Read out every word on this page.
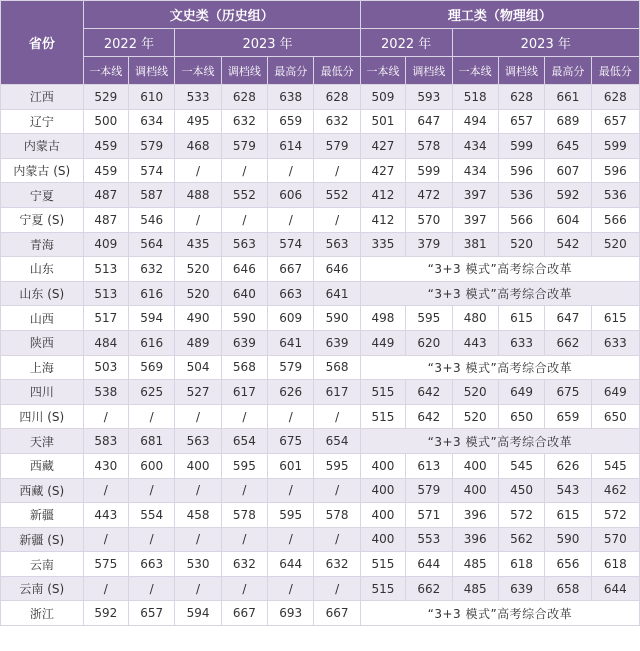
省份	文史类（历史组）						理工类（物理组）					
	2022 年		2023 年				2022 年		2023 年			
	一本线	调档线	一本线	调档线	最高分	最低分	一本线	调档线	一本线	调档线	最高分	最低分
江西	529	610	533	628	638	628	509	593	518	628	661	628
辽宁	500	634	495	632	659	632	501	647	494	657	689	657
内蒙古	459	579	468	579	614	579	427	578	434	599	645	599
内蒙古 (S)	459	574	/	/	/	/	427	599	434	596	607	596
宁夏	487	587	488	552	606	552	412	472	397	536	592	536
宁夏 (S)	487	546	/	/	/	/	412	570	397	566	604	566
青海	409	564	435	563	574	563	335	379	381	520	542	520
山东	513	632	520	646	667	646	“3+3 模式”高考综合改革					
山东 (S)	513	616	520	640	663	641	“3+3 模式”高考综合改革					
山西	517	594	490	590	609	590	498	595	480	615	647	615
陕西	484	616	489	639	641	639	449	620	443	633	662	633
上海	503	569	504	568	579	568	“3+3 模式”高考综合改革					
四川	538	625	527	617	626	617	515	642	520	649	675	649
四川 (S)	/	/	/	/	/	/	515	642	520	650	659	650
天津	583	681	563	654	675	654	“3+3 模式”高考综合改革					
西藏	430	600	400	595	601	595	400	613	400	545	626	545
西藏 (S)	/	/	/	/	/	/	400	579	400	450	543	462
新疆	443	554	458	578	595	578	400	571	396	572	615	572
新疆 (S)	/	/	/	/	/	/	400	553	396	562	590	570
云南	575	663	530	632	644	632	515	644	485	618	656	618
云南 (S)	/	/	/	/	/	/	515	662	485	639	658	644
浙江	592	657	594	667	693	667	“3+3 模式”高考综合改革					
